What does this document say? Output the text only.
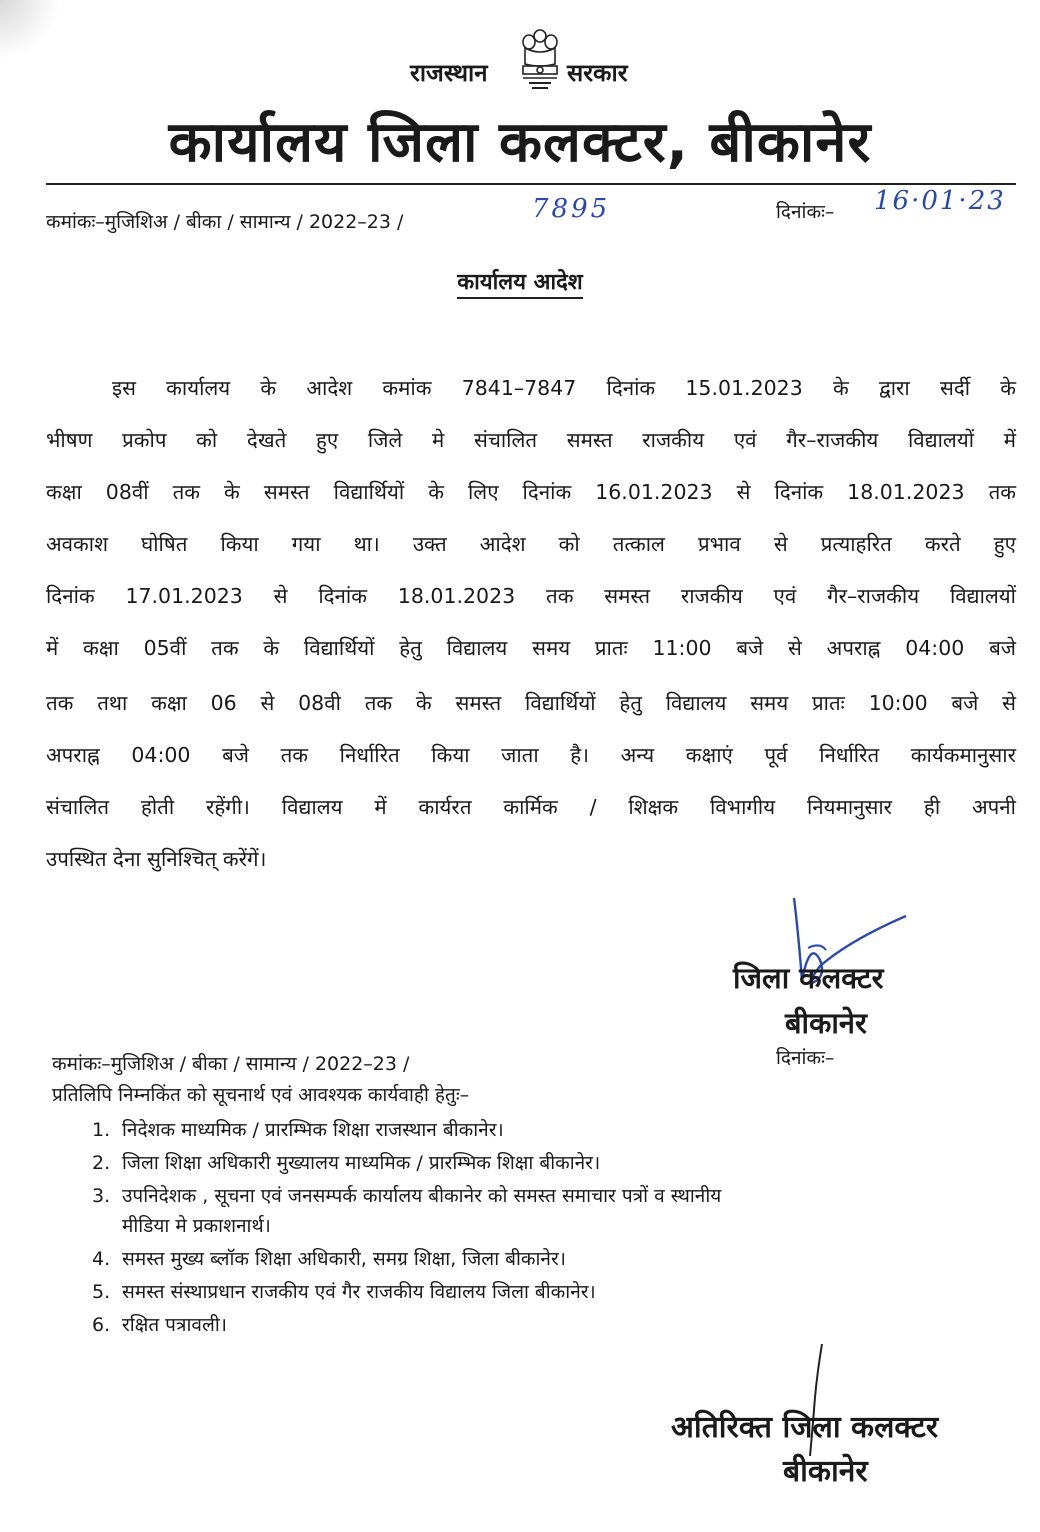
राजस्थान	सरकार
कार्यालय जिला कलक्टर, बीकानेर
कमांकः–मुजिशिअ / बीका / सामान्य / 2022–23 /	7895	दिनांकः– 16·01·23
कार्यालय आदेश
इस कार्यालय के आदेश कमांक 7841–7847 दिनांक 15.01.2023 के द्वारा सर्दी के
भीषण प्रकोप को देखते हुए जिले मे संचालित समस्त राजकीय एवं गैर–राजकीय विद्यालयों में
कक्षा 08वीं तक के समस्त विद्यार्थियों के लिए दिनांक 16.01.2023 से दिनांक 18.01.2023 तक
अवकाश घोषित किया गया था। उक्त आदेश को तत्काल प्रभाव से प्रत्याहरित करते हुए
दिनांक 17.01.2023 से दिनांक 18.01.2023 तक समस्त राजकीय एवं गैर–राजकीय विद्यालयों
में कक्षा 05वीं तक के विद्यार्थियों हेतु विद्यालय समय प्रातः 11:00 बजे से अपराह्न 04:00 बजे
तक तथा कक्षा 06 से 08वी तक के समस्त विद्यार्थियों हेतु विद्यालय समय प्रातः 10:00 बजे से
अपराह्न 04:00 बजे तक निर्धारित किया जाता है। अन्य कक्षाएं पूर्व निर्धारित कार्यकमानुसार
संचालित होती रहेंगी। विद्यालय में कार्यरत कार्मिक / शिक्षक विभागीय नियमानुसार ही अपनी
उपस्थित देना सुनिश्चित् करेंगें।
जिला कलक्टर
बीकानेर
कमांकः–मुजिशिअ / बीका / सामान्य / 2022–23 /	दिनांकः–
प्रतिलिपि निम्नकिंत को सूचनार्थ एवं आवश्यक कार्यवाही हेतुः–
1. निदेशक माध्यमिक / प्रारम्भिक शिक्षा राजस्थान बीकानेर।
2. जिला शिक्षा अधिकारी मुख्यालय माध्यमिक / प्रारम्भिक शिक्षा बीकानेर।
3. उपनिदेशक , सूचना एवं जनसम्पर्क कार्यालय बीकानेर को समस्त समाचार पत्रों व स्थानीय
मीडिया मे प्रकाशनार्थ।
4. समस्त मुख्य ब्लॉक शिक्षा अधिकारी, समग्र शिक्षा, जिला बीकानेर।
5. समस्त संस्थाप्रधान राजकीय एवं गैर राजकीय विद्यालय जिला बीकानेर।
6. रक्षित पत्रावली।
अतिरिक्त जिला कलक्टर
बीकानेर
